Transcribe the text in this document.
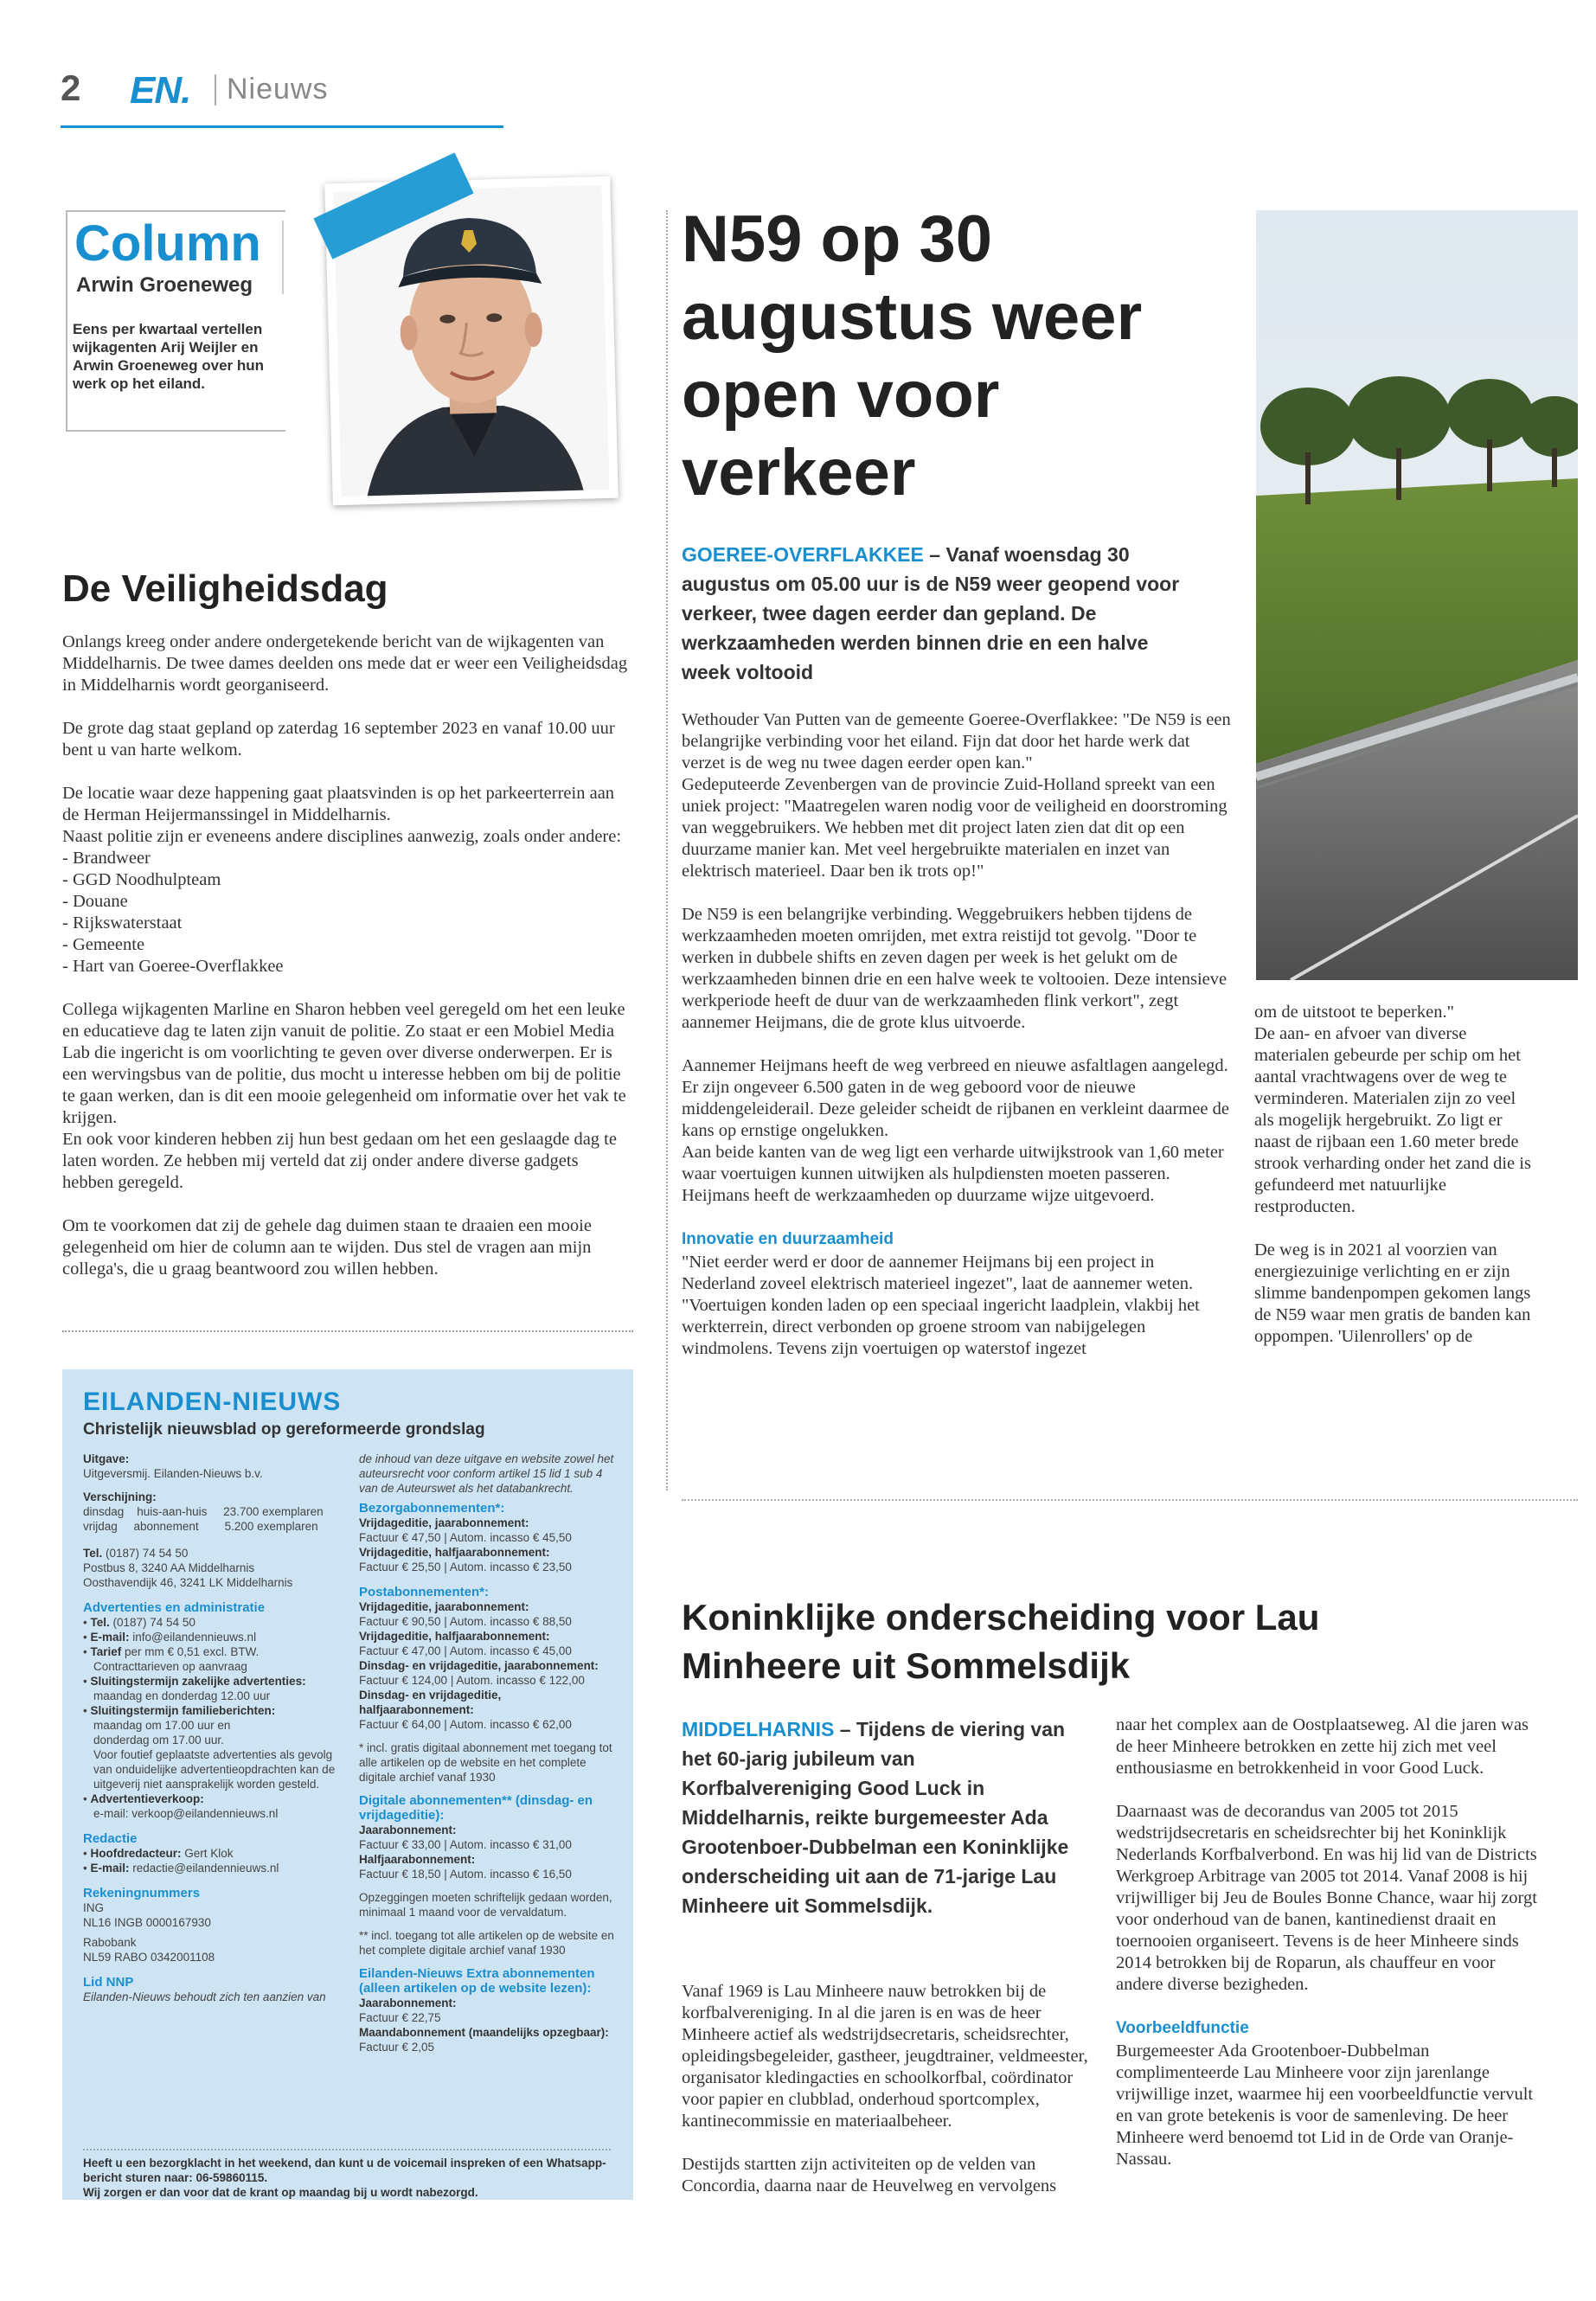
2 EN. Nieuws
Column
Arwin Groeneweg
Eens per kwartaal vertellen wijkagenten Arij Weijler en Arwin Groeneweg over hun werk op het eiland.
De Veiligheidsdag

Onlangs kreeg onder andere ondergetekende bericht van de wijkagenten van Middelharnis. De twee dames deelden ons mede dat er weer een Veiligheidsdag in Middelharnis wordt georganiseerd.

De grote dag staat gepland op zaterdag 16 september 2023 en vanaf 10.00 uur bent u van harte welkom.

De locatie waar deze happening gaat plaatsvinden is op het parkeerterrein aan de Herman Heijermanssingel in Middelharnis.
Naast politie zijn er eveneens andere disciplines aanwezig, zoals onder andere:
- Brandweer
- GGD Noodhulpteam
- Douane
- Rijkswaterstaat
- Gemeente
- Hart van Goeree-Overflakkee

Collega wijkagenten Marline en Sharon hebben veel geregeld om het een leuke en educatieve dag te laten zijn vanuit de politie. Zo staat er een Mobiel Media Lab die ingericht is om voorlichting te geven over diverse onderwerpen. Er is een wervingsbus van de politie, dus mocht u interesse hebben om bij de politie te gaan werken, dan is dit een mooie gelegenheid om informatie over het vak te krijgen.
En ook voor kinderen hebben zij hun best gedaan om het een geslaagde dag te laten worden. Ze hebben mij verteld dat zij onder andere diverse gadgets hebben geregeld.

Om te voorkomen dat zij de gehele dag duimen staan te draaien een mooie gelegenheid om hier de column aan te wijden. Dus stel de vragen aan mijn collega's, die u graag beantwoord zou willen hebben.

EILANDEN-NIEUWS
Christelijk nieuwsblad op gereformeerde grondslag
Uitgave:
Uitgeversmij. Eilanden-Nieuws b.v.
Verschijning:
dinsdag    huis-aan-huis     23.700 exemplaren
vrijdag     abonnement        5.200 exemplaren
Tel. (0187) 74 54 50
Postbus 8, 3240 AA Middelharnis
Oosthavendijk 46, 3241 LK Middelharnis
Advertenties en administratie
• Tel. (0187) 74 54 50
• E-mail: info@eilandennieuws.nl
• Tarief per mm € 0,51 excl. BTW.
Contracttarieven op aanvraag
• Sluitingstermijn zakelijke advertenties:
maandag en donderdag 12.00 uur
• Sluitingstermijn familieberichten:
maandag om 17.00 uur en
donderdag om 17.00 uur.
Voor foutief geplaatste advertenties als gevolg van onduidelijke advertentieopdrachten kan de uitgeverij niet aansprakelijk worden gesteld.
• Advertentieverkoop:
e-mail: verkoop@eilandennieuws.nl
Redactie
• Hoofdredacteur: Gert Klok
• E-mail: redactie@eilandennieuws.nl
Rekeningnummers
ING
NL16 INGB 0000167930
Rabobank
NL59 RABO 0342001108
Lid NNP
Eilanden-Nieuws behoudt zich ten aanzien van
de inhoud van deze uitgave en website zowel het auteursrecht voor conform artikel 15 lid 1 sub 4 van de Auteurswet als het databankrecht.
Bezorgabonnementen*:
Vrijdageditie, jaarabonnement:
Factuur € 47,50 | Autom. incasso € 45,50
Vrijdageditie, halfjaarabonnement:
Factuur € 25,50 | Autom. incasso € 23,50
Postabonnementen*:
Vrijdageditie, jaarabonnement:
Factuur € 90,50 | Autom. incasso € 88,50
Vrijdageditie, halfjaarabonnement:
Factuur € 47,00 | Autom. incasso € 45,00
Dinsdag- en vrijdageditie, jaarabonnement:
Factuur € 124,00 | Autom. incasso € 122,00
Dinsdag- en vrijdageditie, halfjaarabonnement:
Factuur € 64,00 | Autom. incasso € 62,00
* incl. gratis digitaal abonnement met toegang tot alle artikelen op de website en het complete digitale archief vanaf 1930
Digitale abonnementen** (dinsdag- en vrijdageditie):
Jaarabonnement:
Factuur € 33,00 | Autom. incasso € 31,00
Halfjaarabonnement:
Factuur € 18,50 | Autom. incasso € 16,50
Opzeggingen moeten schriftelijk gedaan worden, minimaal 1 maand voor de vervaldatum.
** incl. toegang tot alle artikelen op de website en het complete digitale archief vanaf 1930
Eilanden-Nieuws Extra abonnementen (alleen artikelen op de website lezen):
Jaarabonnement:
Factuur € 22,75
Maandabonnement (maandelijks opzegbaar):
Factuur € 2,05
Heeft u een bezorgklacht in het weekend, dan kunt u de voicemail inspreken of een Whatsapp-bericht sturen naar: 06-59860115.
Wij zorgen er dan voor dat de krant op maandag bij u wordt nabezorgd.
N59 op 30 augustus weer open voor verkeer
GOEREE-OVERFLAKKEE – Vanaf woensdag 30 augustus om 05.00 uur is de N59 weer geopend voor verkeer, twee dagen eerder dan gepland. De werkzaamheden werden binnen drie en een halve week voltooid

Wethouder Van Putten van de gemeente Goeree-Overflakkee: "De N59 is een belangrijke verbinding voor het eiland. Fijn dat door het harde werk dat verzet is de weg nu twee dagen eerder open kan."
Gedeputeerde Zevenbergen van de provincie Zuid-Holland spreekt van een uniek project: "Maatregelen waren nodig voor de veiligheid en doorstroming van weggebruikers. We hebben met dit project laten zien dat dit op een duurzame manier kan. Met veel hergebruikte materialen en inzet van elektrisch materieel. Daar ben ik trots op!"

De N59 is een belangrijke verbinding. Weggebruikers hebben tijdens de werkzaamheden moeten omrijden, met extra reistijd tot gevolg. "Door te werken in dubbele shifts en zeven dagen per week is het gelukt om de werkzaamheden binnen drie en een halve week te voltooien. Deze intensieve werkperiode heeft de duur van de werkzaamheden flink verkort", zegt aannemer Heijmans, die de grote klus uitvoerde.

Aannemer Heijmans heeft de weg verbreed en nieuwe asfaltlagen aangelegd. Er zijn ongeveer 6.500 gaten in de weg geboord voor de nieuwe middengeleiderail. Deze geleider scheidt de rijbanen en verkleint daarmee de kans op ernstige ongelukken.
Aan beide kanten van de weg ligt een verharde uitwijkstrook van 1,60 meter waar voertuigen kunnen uitwijken als hulpdiensten moeten passeren. Heijmans heeft de werkzaamheden op duurzame wijze uitgevoerd.

Innovatie en duurzaamheid

"Niet eerder werd er door de aannemer Heijmans bij een project in Nederland zoveel elektrisch materieel ingezet", laat de aannemer weten. "Voertuigen konden laden op een speciaal ingericht laadplein, vlakbij het werkterrein, direct verbonden op groene stroom van nabijgelegen windmolens. Tevens zijn voertuigen op waterstof ingezet

om de uitstoot te beperken."
De aan- en afvoer van diverse materialen gebeurde per schip om het aantal vrachtwagens over de weg te verminderen. Materialen zijn zo veel als mogelijk hergebruikt. Zo ligt er naast de rijbaan een 1.60 meter brede strook verharding onder het zand die is gefundeerd met natuurlijke restproducten.

De weg is in 2021 al voorzien van energiezuinige verlichting en er zijn slimme bandenpompen gekomen langs de N59 waar men gratis de banden kan oppompen. 'Uilenrollers' op de

Koninklijke onderscheiding voor Lau Minheere uit Sommelsdijk
MIDDELHARNIS – Tijdens de viering van het 60-jarig jubileum van Korfbalvereniging Good Luck in Middelharnis, reikte burgemeester Ada Grootenboer-Dubbelman een Koninklijke onderscheiding uit aan de 71-jarige Lau Minheere uit Sommelsdijk.

Vanaf 1969 is Lau Minheere nauw betrokken bij de korfbalvereniging. In al die jaren is en was de heer Minheere actief als wedstrijdsecretaris, scheidsrechter, opleidingsbegeleider, gastheer, jeugdtrainer, veldmeester, organisator kledingacties en schoolkorfbal, coördinator voor papier en clubblad, onderhoud sportcomplex, kantinecommissie en materiaalbeheer.

Destijds startten zijn activiteiten op de velden van Concordia, daarna naar de Heuvelweg en vervolgens

naar het complex aan de Oostplaatseweg. Al die jaren was de heer Minheere betrokken en zette hij zich met veel enthousiasme en betrokkenheid in voor Good Luck.

Daarnaast was de decorandus van 2005 tot 2015 wedstrijdsecretaris en scheidsrechter bij het Koninklijk Nederlands Korfbalverbond. En was hij lid van de Districts Werkgroep Arbitrage van 2005 tot 2014. Vanaf 2008 is hij vrijwilliger bij Jeu de Boules Bonne Chance, waar hij zorgt voor onderhoud van de banen, kantinedienst draait en toernooien organiseert. Tevens is de heer Minheere sinds 2014 betrokken bij de Roparun, als chauffeur en voor andere diverse bezigheden.

Voorbeeldfunctie

Burgemeester Ada Grootenboer-Dubbelman complimenteerde Lau Minheere voor zijn jarenlange vrijwillige inzet, waarmee hij een voorbeeldfunctie vervult en van grote betekenis is voor de samenleving. De heer Minheere werd benoemd tot Lid in de Orde van Oranje-Nassau.
